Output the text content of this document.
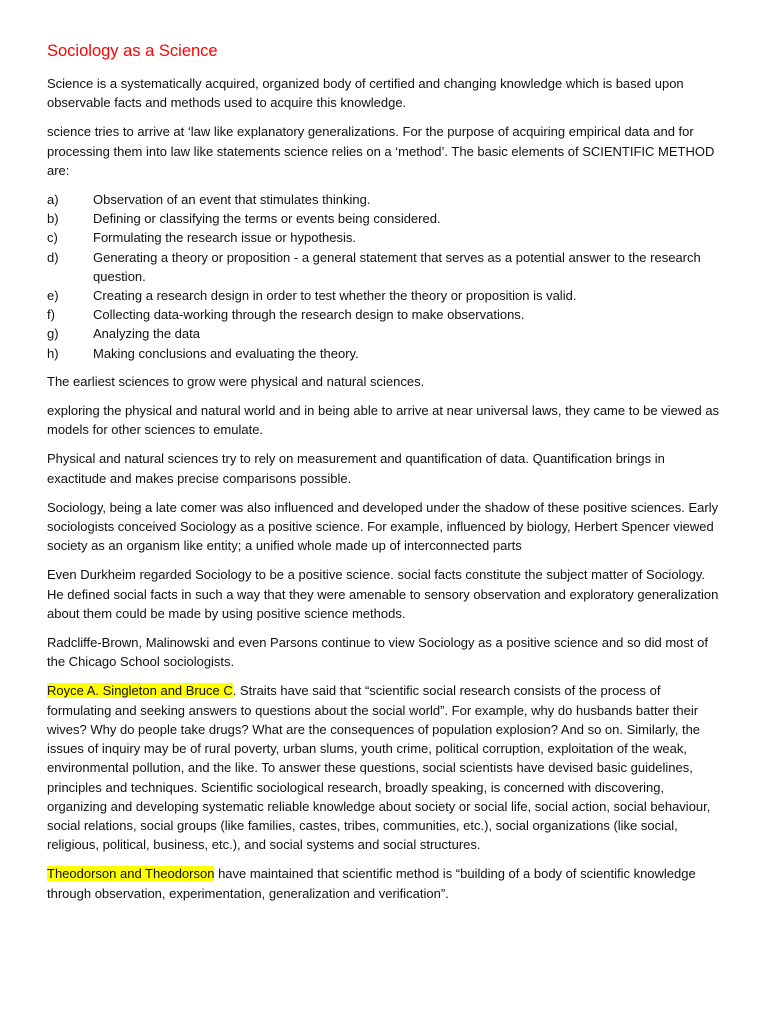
Sociology as a Science

Science is a systematically acquired, organized body of certified and changing knowledge which is based upon observable facts and methods used to acquire this knowledge.

science tries to arrive at ‘law like explanatory generalizations. For the purpose of acquiring empirical data and for processing them into law like statements science relies on a ‘method’. The basic elements of SCIENTIFIC METHOD are:

a)	Observation of an event that stimulates thinking.
b)	Defining or classifying the terms or events being considered.
c)	Formulating the research issue or hypothesis.
d)	Generating a theory or proposition - a general statement that serves as a potential answer to the research question.
e)	Creating a research design in order to test whether the theory or proposition is valid.
f)	Collecting data-working through the research design to make observations.
g)	Analyzing the data
h)	Making conclusions and evaluating the theory.

The earliest sciences to grow were physical and natural sciences.

exploring the physical and natural world and in being able to arrive at near universal laws, they came to be viewed as models for other sciences to emulate.

Physical and natural sciences try to rely on measurement and quantification of data. Quantification brings in exactitude and makes precise comparisons possible.

Sociology, being a late comer was also influenced and developed under the shadow of these positive sciences. Early sociologists conceived Sociology as a positive science. For example, influenced by biology, Herbert Spencer viewed society as an organism like entity; a unified whole made up of interconnected parts

Even Durkheim regarded Sociology to be a positive science. social facts constitute the subject matter of Sociology. He defined social facts in such a way that they were amenable to sensory observation and exploratory generalization about them could be made by using positive science methods.

Radcliffe-Brown, Malinowski and even Parsons continue to view Sociology as a positive science and so did most of the Chicago School sociologists.

Royce A. Singleton and Bruce C. Straits have said that “scientific social research consists of the process of formulating and seeking answers to questions about the social world”. For example, why do husbands batter their wives? Why do people take drugs? What are the consequences of population explosion? And so on. Similarly, the issues of inquiry may be of rural poverty, urban slums, youth crime, political corruption, exploitation of the weak, environmental pollution, and the like. To answer these questions, social scientists have devised basic guidelines, principles and techniques. Scientific sociological research, broadly speaking, is concerned with discovering, organizing and developing systematic reliable knowledge about society or social life, social action, social behaviour, social relations, social groups (like families, castes, tribes, communities, etc.), social organizations (like social, religious, political, business, etc.), and social systems and social structures.

Theodorson and Theodorson have maintained that scientific method is “building of a body of scientific knowledge through observation, experimentation, generalization and verification”.
